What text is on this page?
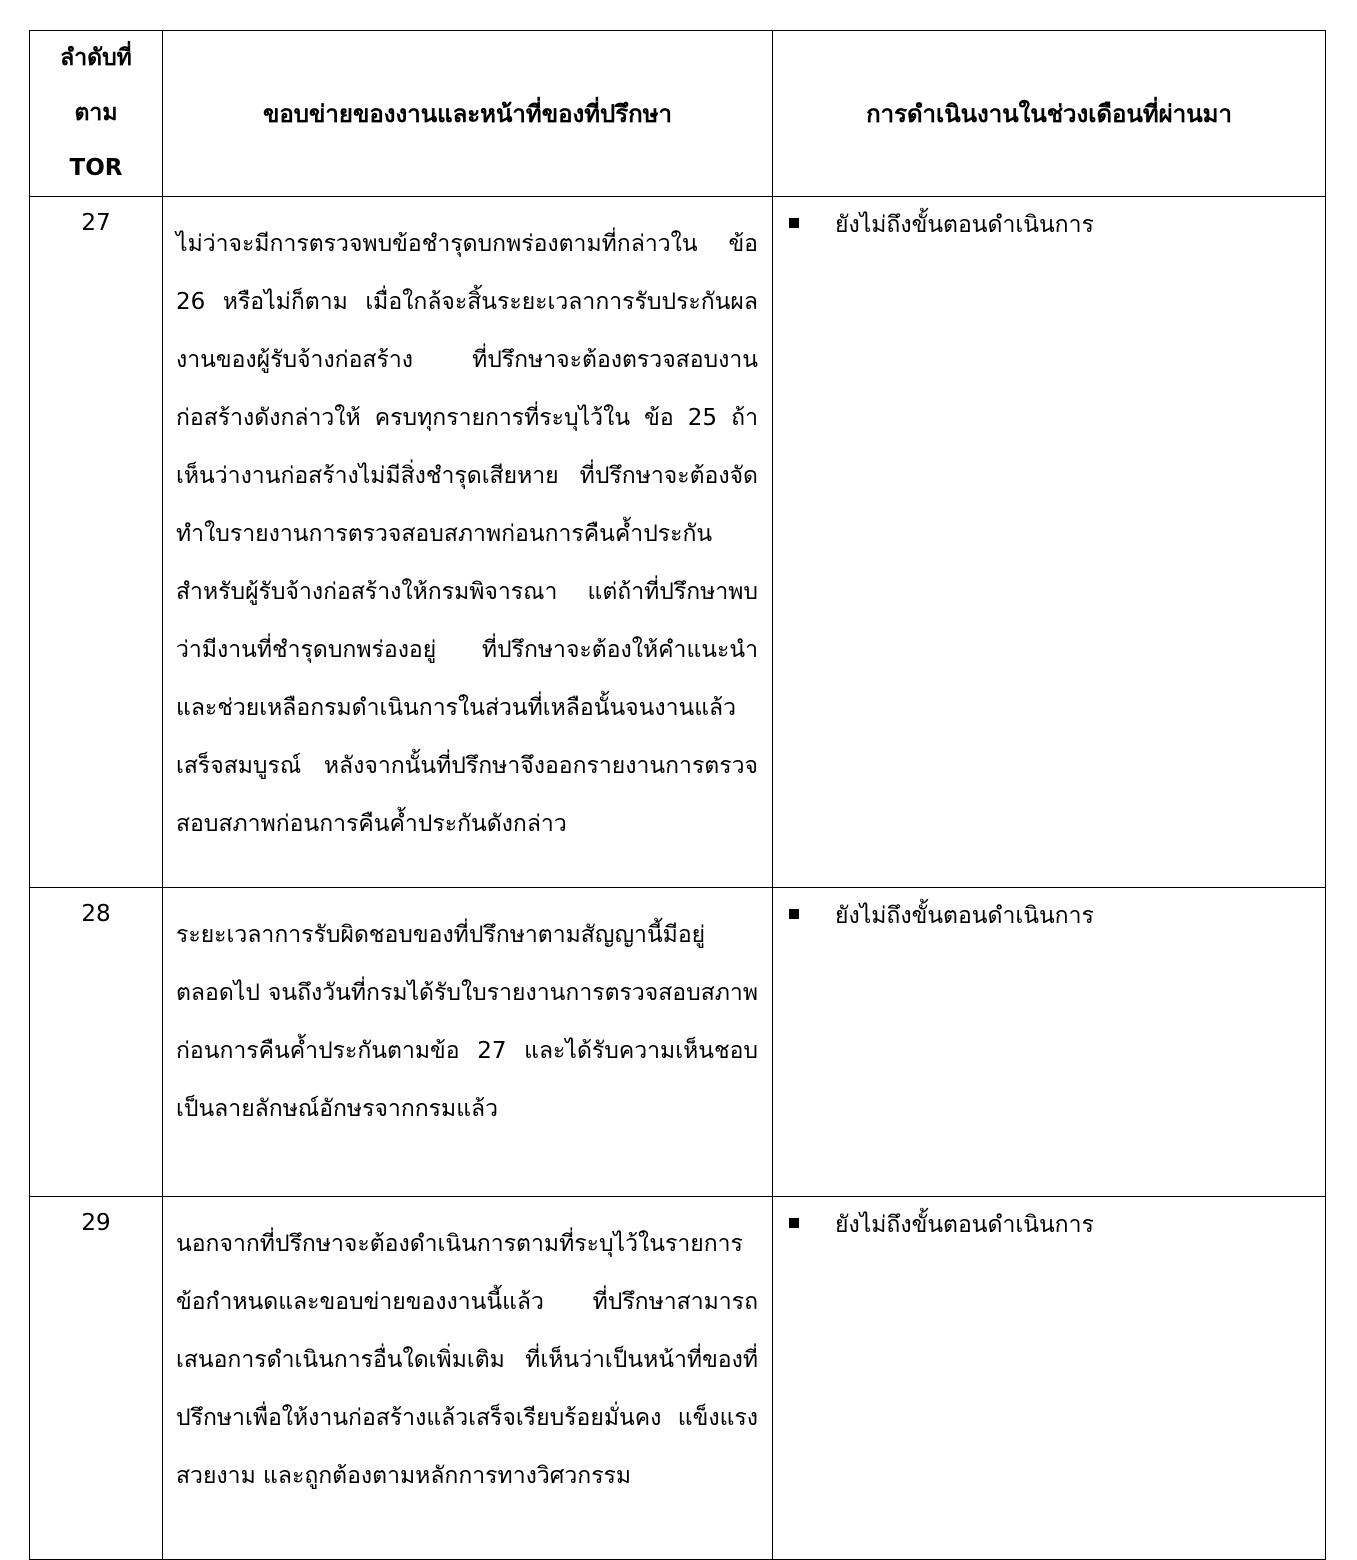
ลำดับที่
ตาม
TOR	ขอบข่ายของงานและหน้าที่ของที่ปรึกษา	การดำเนินงานในช่วงเดือนที่ผ่านมา
27	ไม่ว่าจะมีการตรวจพบข้อชำรุดบกพร่องตามที่กล่าวใน ข้อ 26 หรือไม่ก็ตาม เมื่อใกล้จะสิ้นระยะเวลาการรับประกันผลงานของผู้รับจ้างก่อสร้าง ที่ปรึกษาจะต้องตรวจสอบงานก่อสร้างดังกล่าวให้ ครบทุกรายการที่ระบุไว้ใน ข้อ 25 ถ้าเห็นว่างานก่อสร้างไม่มีสิ่งชำรุดเสียหาย ที่ปรึกษาจะต้องจัดทำใบรายงานการตรวจสอบสภาพก่อนการคืนค้ำประกันสำหรับผู้รับจ้างก่อสร้างให้กรมพิจารณา แต่ถ้าที่ปรึกษาพบว่ามีงานที่ชำรุดบกพร่องอยู่ ที่ปรึกษาจะต้องให้คำแนะนำและช่วยเหลือกรมดำเนินการในส่วนที่เหลือนั้นจนงานแล้วเสร็จสมบูรณ์ หลังจากนั้นที่ปรึกษาจึงออกรายงานการตรวจสอบสภาพก่อนการคืนค้ำประกันดังกล่าว	ยังไม่ถึงขั้นตอนดำเนินการ

28	ระยะเวลาการรับผิดชอบของที่ปรึกษาตามสัญญานี้มีอยู่ตลอดไป จนถึงวันที่กรมได้รับใบรายงานการตรวจสอบสภาพก่อนการคืนค้ำประกันตามข้อ 27 และได้รับความเห็นชอบเป็นลายลักษณ์อักษรจากกรมแล้ว	ยังไม่ถึงขั้นตอนดำเนินการ

29	นอกจากที่ปรึกษาจะต้องดำเนินการตามที่ระบุไว้ในรายการข้อกำหนดและขอบข่ายของงานนี้แล้ว ที่ปรึกษาสามารถเสนอการดำเนินการอื่นใดเพิ่มเติม ที่เห็นว่าเป็นหน้าที่ของที่ปรึกษาเพื่อให้งานก่อสร้างแล้วเสร็จเรียบร้อยมั่นคง แข็งแรง สวยงาม และถูกต้องตามหลักการทางวิศวกรรม	ยังไม่ถึงขั้นตอนดำเนินการ
